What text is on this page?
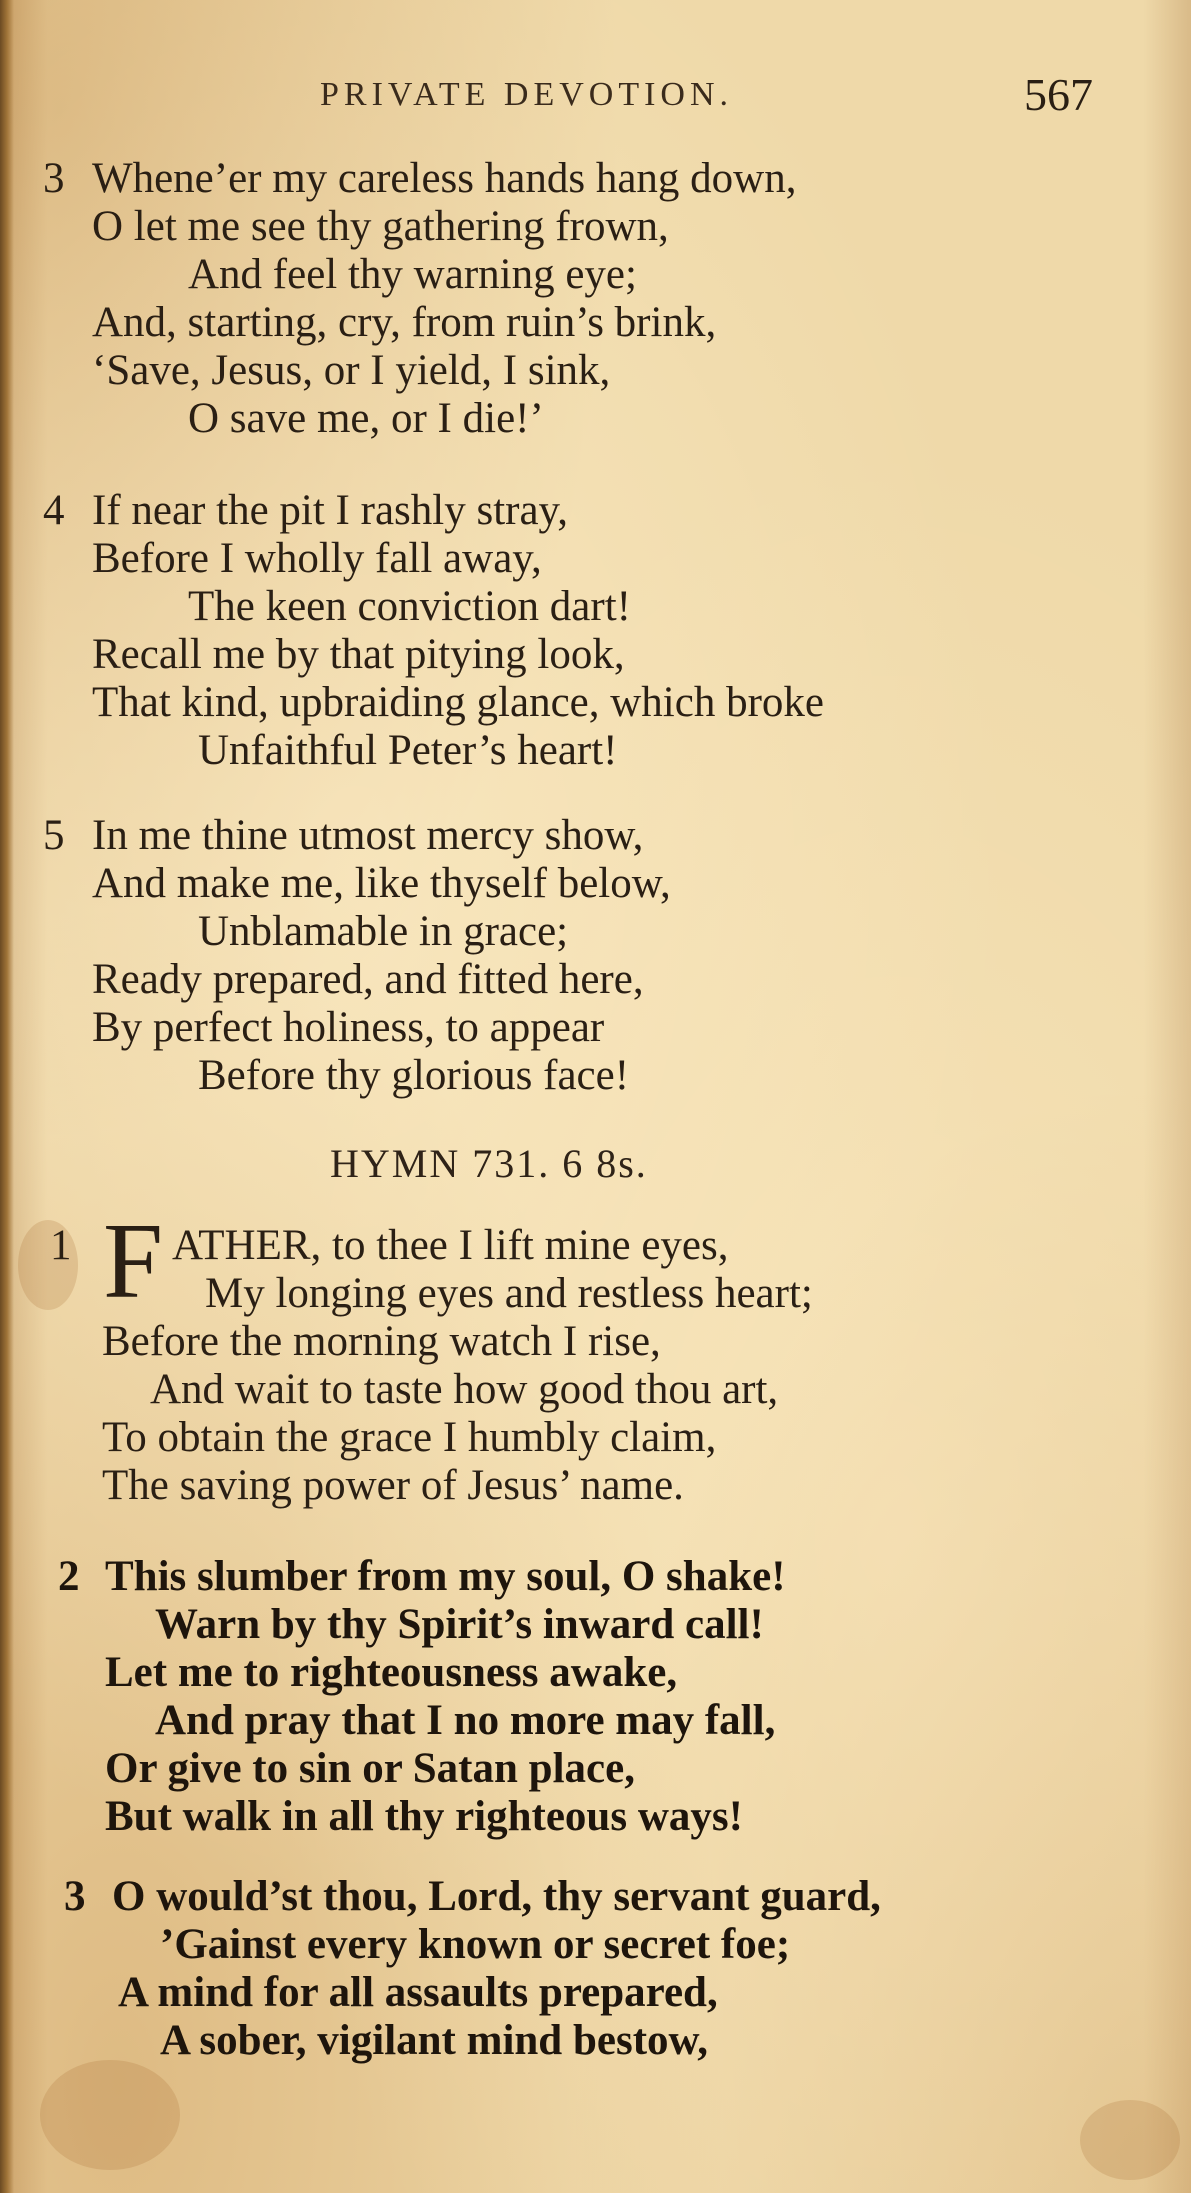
PRIVATE DEVOTION.	567
3 Whene’er my careless hands hang down,
O let me see thy gathering frown,
And feel thy warning eye;
And, starting, cry, from ruin’s brink,
‘Save, Jesus, or I yield, I sink,
O save me, or I die!’
4 If near the pit I rashly stray,
Before I wholly fall away,
The keen conviction dart!
Recall me by that pitying look,
That kind, upbraiding glance, which broke
Unfaithful Peter’s heart!
5 In me thine utmost mercy show,
And make me, like thyself below,
Unblamable in grace;
Ready prepared, and fitted here,
By perfect holiness, to appear
Before thy glorious face!
HYMN 731. 6 8s.
F
1 ATHER, to thee I lift mine eyes,
My longing eyes and restless heart;
Before the morning watch I rise,
And wait to taste how good thou art,
To obtain the grace I humbly claim,
The saving power of Jesus’ name.
2 This slumber from my soul, O shake!
Warn by thy Spirit’s inward call!
Let me to righteousness awake,
And pray that I no more may fall,
Or give to sin or Satan place,
But walk in all thy righteous ways!
3 O would’st thou, Lord, thy servant guard,
’Gainst every known or secret foe;
A mind for all assaults prepared,
A sober, vigilant mind bestow,
